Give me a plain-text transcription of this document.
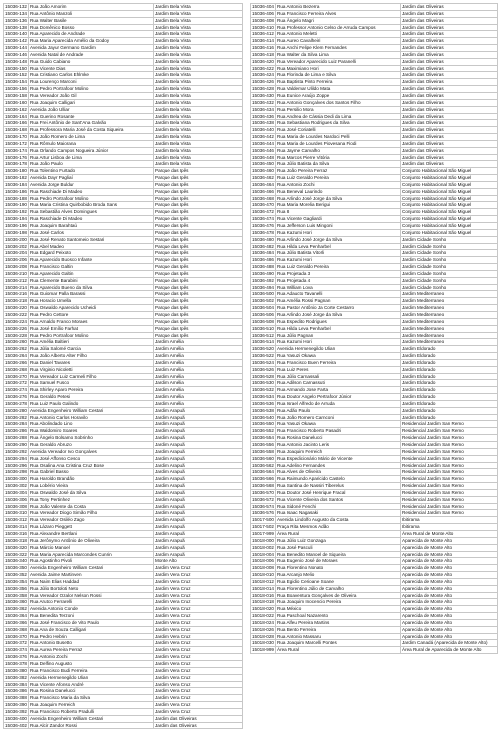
15036-132	Rua João Amorim	Jardim Bela Vista
15036-134	Rua Antônio Manzoli	Jardim Bela Vista
15036-136	Rua Walter Basile	Jardim Bela Vista
15036-138	Rua Domênico Bosso	Jardim Bela Vista
15036-140	Rua Aparecido de Andrade	Jardim Bela Vista
15036-142	Rua Maria Aparecida Amélio da Godoy	Jardim Bela Vista
15036-144	Avenida Jayur Germano Gardim	Jardim Bela Vista
15036-146	Avenida Natal de Andrade	Jardim Bela Vista
15036-148	Rua Guido Cabiano	Jardim Bela Vista
15036-150	Rua Vicente Dias	Jardim Bela Vista
15036-152	Rua Cristiano Carlos Ehlmke	Jardim Bela Vista
15036-154	Rua Lourenço Marconi	Jardim Bela Vista
15036-156	Rua Pedro Portrafoor Molino	Jardim Bela Vista
15036-158	Rua Vereador João Gil	Jardim Bela Vista
15036-160	Rua Joaquim Calligari	Jardim Bela Vista
15036-162	Avenida João Ulliar	Jardim Bela Vista
15036-164	Rua Guerino Rosante	Jardim Bela Vista
15036-166	Rua Frei Antônio de Sant'Ana Galvão	Jardim Bela Vista
15036-168	Rua Professora Maria José da Costa Siqueira	Jardim Bela Vista
15036-170	Rua João Romero de Lima	Jardim Bela Vista
15036-172	Rua Rômulo Maiorana	Jardim Bela Vista
15036-174	Rua Orlando Campos Nogueira Júnior	Jardim Bela Vista
15036-176	Rua Artur Lisboa de Lima	Jardim Bela Vista
15036-178	Rua João Paulo	Jardim Bela Vista
15036-180	Rua Tolentino Furtado	Parque das Ipês
15036-182	Avenida Dayr Pagliaí	Parque das Ipês
15036-184	Avenida Jorge Buldur	Parque das Ipês
15036-186	Rua Raschiade Di Madeo	Parque das Ipês
15036-188	Rua Pedro Portrafoor Molino	Parque das Ipês
15036-190	Rua Maria Cristina Quirbobido Broda Sans	Parque das Ipês
15036-192	Rua Sebastião Alves Domingues	Parque das Ipês
15036-194	Rua Raschiade Di Madeo	Parque das Ipês
15036-196	Rua Joaquim Barahtaú	Parque das Ipês
15036-198	Rua José Carlos	Parque das Ipês
15036-200	Rua José Renato Santomeio Sestari	Parque das Ipês
15036-202	Rua Abel Madeo	Parque das Ipês
15036-204	Rua Edgard Peixoto	Parque das Ipês
15036-206	Rua Aparecido Buosco Infante	Parque das Ipês
15036-208	Rua Francisco Galtin	Parque das Ipês
15036-210	Rua Aparecido Galtin	Parque das Ipês
15036-212	Rua Clemente Barabini	Parque das Ipês
15036-214	Rua Aparecido Bueno da Silva	Parque das Ipês
15036-216	Rua Guiomar Palla Barassi	Parque das Ipês
15036-218	Rua Horacio Umella	Parque das Ipês
15036-220	Rua Oswaldo Aparecido Ucheidi	Parque das Ipês
15036-222	Rua Pedro Cettore	Parque das Ipês
15036-224	Rua Arnaldo Franco Moraes	Parque das Ipês
15036-226	Rua José Emílio Farhat	Parque das Ipês
15036-228	Rua Pedro Portrafoor Molino	Parque das Ipês
15036-260	Rua Amélia Baltieri	Jardim Amélia
15036-262	Rua Júlia Salomé Garcia	Jardim Amélia
15036-264	Rua João Alberto Alter Filho	Jardim Amélia
15036-266	Rua Daniel Tavares	Jardim Amélia
15036-268	Rua Virginio Nicoletti	Jardim Amélia
15036-270	Rua Vereador Luiz Carmeli Filho	Jardim Amélia
15036-272	Rua Samuel Fusco	Jardim Amélia
15036-274	Rua Shirley Aparo Pereira	Jardim Amélia
15036-276	Rua Geraldo Petesi	Jardim Amélia
15036-278	Rua Luiz Paulo Galindo	Jardim Amélia
15036-280	Avenida Engenheiro William Cestari	Jardim Arapuã
15036-282	Rua Antonio Carlos Horavilo	Jardim Arapuã
15036-284	Rua Abolindado Lino	Jardim Arapuã
15036-286	Rua Waldomiro Soares	Jardim Arapuã
15036-288	Rua Ângelo Bolsamo Sobrinho	Jardim Arapuã
15036-290	Rua Geraldo Abruzo	Jardim Arapuã
15036-292	Avenida Vereador Ivo Gonçalves	Jardim Arapuã
15036-294	Rua José Affonso Cesco	Jardim Arapuã
15036-296	Rua Osalina Ana Cristina Cruz Bose	Jardim Arapuã
15036-298	Rua Gabriel Basso	Jardim Arapuã
15036-300	Rua Haroldo Brandão	Jardim Arapuã
15036-302	Rua Lobério Vieira	Jardim Arapuã
15036-304	Rua Oswaldo José da Silva	Jardim Arapuã
15036-306	Rua Tony Pertinhez	Jardim Arapuã
15036-308	Rua João Valente da Costa	Jardim Arapuã
15036-310	Rua Vereador Diogo Simão Filho	Jardim Arapuã
15036-312	Rua Vereador Osiléo Zago	Jardim Arapuã
15036-314	Rua Lázaro Pieggett	Jardim Arapuã
15036-316	Rua Alexandre Bertlani	Jardim Arapuã
15036-318	Rua Jerônymo Antônio de Oliveira	Jardim Arapuã
15036-320	Rua Márcio Manoel	Jardim Arapuã
15036-322	Rua Maria Aparecida Marcondes Cunrin	Jardim Arapuã
15036-340	Rua Agostinho Pivoli	Monte Alto
15036-350	Avenida Engenheiro William Cestari	Jardim Vera Cruz
15036-352	Avenida Jaime Martinven	Jardim Vera Cruz
15036-354	Rua Naim Elias Haddad	Jardim Vera Cruz
15036-356	Rua Júlio Bortoloti Neto	Jardim Vera Cruz
15036-358	Rua Vereador Ozalor Nelson Rossi	Jardim Vera Cruz
15036-360	Rua Arutco Ferrarelli	Jardim Vera Cruz
15036-362	Avenida Antonio Conde	Jardim Vera Cruz
15036-364	Rua Benedita Terzoni	Jardim Vera Cruz
15036-366	Rua José Francisco de Vito Paulo	Jardim Vera Cruz
15036-368	Rua Ana de Souza Calligari	Jardim Vera Cruz
15036-370	Rua Pedro Hebrin	Jardim Vera Cruz
15036-372	Rua Antonio Busetto	Jardim Vera Cruz
15036-374	Rua Aurea Pereira Ferraz	Jardim Vera Cruz
15036-376	Rua Antonio Zochi	Jardim Vera Cruz
15036-378	Rua Delfino Augusto	Jardim Vera Cruz
15036-380	Rua Francisco Budi Ferreira	Jardim Vera Cruz
15036-382	Avenida Hermenegildo Ulian	Jardim Vera Cruz
15036-384	Rua Vicente Afonso André	Jardim Vera Cruz
15036-386	Rua Rosina Danelucci	Jardim Vera Cruz
15036-388	Rua Francisco Maria da Silva	Jardim Vera Cruz
15036-390	Rua Joaquim Ferreich	Jardim Vera Cruz
15036-392	Rua Francisco Roberto Pradulli	Jardim Vera Cruz
15036-400	Avenida Engenheiro William Cestari	Jardim das Oliveiras
15036-402	Rua Alcir Zandor Rossi	Jardim das Oliveiras
15036-404	Rua Antonio Bezerra	Jardim das Oliveiras
15036-406	Rua Francisco Ferreira Alves	Jardim das Oliveiras
15036-408	Rua Ângelo Magri	Jardim das Oliveiras
15036-410	Rua Professor Antonio Celso de Arruda Campos	Jardim das Oliveiras
15036-412	Rua Antonio Meletti	Jardim das Oliveiras
15036-414	Rua Aureo Cavalheiri	Jardim das Oliveiras
15036-416	Rua Anchi Felipe Klem Fernandes	Jardim das Oliveiras
15036-418	Rua Walter da Silva Lima	Jardim das Oliveiras
15036-420	Rua Vereador Aparecido Luiz Paranelli	Jardim das Oliveiras
15036-422	Rua Maximiano Hori	Jardim das Oliveiras
15036-424	Rua Florinda de Lima e Silva	Jardim das Oliveiras
15036-426	Rua Baptista Pinto Ferreira	Jardim das Oliveiras
15036-428	Rua Valdemar Ulildo Mata	Jardim das Oliveiras
15036-430	Rua Eunice Araújo Zoppe	Jardim das Oliveiras
15036-432	Rua Antonio Gonçalves dos Santos Filho	Jardim das Oliveiras
15036-434	Rua Persilio Mora	Jardim das Oliveiras
15036-436	Rua Andrea de Cássia Dedi da Lima	Jardim das Oliveiras
15036-438	Rua Sebastiana Rodrigues da Silva	Jardim das Oliveiras
15036-440	Rua José Coriatelli	Jardim das Oliveiras
15036-442	Rua Maria de Lourdes Nardoci Pelli	Jardim das Oliveiras
15036-444	Rua Maria de Lourdes Piovesana Fiodi	Jardim das Oliveiras
15036-446	Rua Jayme Carvalho	Jardim das Oliveiras
15036-448	Rua Marcos Pierre Vitória	Jardim das Oliveiras
15036-450	Rua Júlio Batista da Silva	Jardim das Oliveiras
15036-460	Rua João Pereira Ferraz	Conjunto Habitacional São Miguel
15036-462	Rua Luiz Geraldo Pereira	Conjunto Habitacional São Miguel
15036-464	Rua Antonio Zochi	Conjunto Habitacional São Miguel
15036-466	Rua Beneval Laurindo	Conjunto Habitacional São Miguel
15036-468	Rua Arlindo José Jorge da Silva	Conjunto Habitacional São Miguel
15036-470	Rua Maria Morelia Berigui	Conjunto Habitacional São Miguel
15036-472	Rua 8	Conjunto Habitacional São Miguel
15036-474	Rua Vicente Gagliardi	Conjunto Habitacional São Miguel
15036-476	Rua Jefferson Luis Mingoni	Conjunto Habitacional São Miguel
15036-478	Rua Kazumi Hori	Conjunto Habitacional São Miguel
15036-480	Rua Arlindo José Jorge da Silva	Jardim Cidade Sonho
15036-482	Rua Hilda Leva Penharbel	Jardim Cidade Sonho
15036-484	Rua Júlio Batista Vitorli	Jardim Cidade Sonho
15036-486	Rua Kazumi Hori	Jardim Cidade Sonho
15036-488	Rua Luiz Geraldo Pereira	Jardim Cidade Sonho
15036-490	Rua Projetada 3	Jardim Cidade Sonho
15036-492	Rua Projetada 4	Jardim Cidade Sonho
15036-494	Rua William Lova	Jardim Cidade Sonho
15036-500	Rua Adaucto Tavanelli	Jardim Mediterraneo
15036-502	Rua Amélia Rossi Pagnan	Jardim Mediterraneo
15036-504	Rua Pastor Antônio Ja Corte Cestarro	Jardim Mediterraneo
15036-506	Rua Arlindo José Jorge da Silva	Jardim Mediterraneo
15036-508	Rua Espedito Rodrigues	Jardim Mediterraneo
15036-510	Rua Hilda Leva Penharbel	Jardim Mediterraneo
15036-512	Rua Júlio Pagnan	Jardim Mediterraneo
15036-514	Rua Kazumi Hori	Jardim Mediterraneo
15036-520	Avenida Hermenegildo Ulian	Jardim Eldorado
15036-522	Rua Yasuzi Okawa	Jardim Eldorado
15036-524	Rua Francisco Buen Ferreira	Jardim Eldorado
15036-526	Rua Luiz Peres	Jardim Eldorado
15036-528	Rua Júlio Carnassali	Jardim Eldorado
15036-530	Rua Adilson Carnassuti	Jardim Eldorado
15036-532	Rua Armando Jose Farta	Jardim Eldorado
15036-534	Rua Doutor Angelo Pertrafoor Júnior	Jardim Eldorado
15036-536	Rua Israel Alfredo de Arruda	Jardim Eldorado
15036-538	Rua Adão Paulo	Jardim Eldorado
15036-540	Rua João Romero Carnconi	Jardim Eldorado
15036-550	Rua Yasuzi Okawa	Residencial Jardim San Remo
15036-552	Rua Francisco Roberto Pasadri	Residencial Jardim San Remo
15036-554	Rua Rosina Danelucci	Residencial Jardim San Remo
15036-556	Rua Antonio Jacinto Leris	Residencial Jardim San Remo
15036-558	Rua Joaquim Ferreich	Residencial Jardim San Remo
15036-560	Rua Espedicionário Mário de Vicente	Residencial Jardim San Remo
15036-562	Rua Adelino Fernandes	Residencial Jardim San Remo
15036-564	Rua Alves de Oliveira	Residencial Jardim San Remo
15036-566	Rua Raimundo Aparicido Castelo	Residencial Jardim San Remo
15036-568	Rua Santina de Nassiri Tiberelus	Residencial Jardim San Remo
15036-570	Rua Doutor José Henrique Fracal	Residencial Jardim San Remo
15036-572	Rua Vicente Oliveira dos Santos	Residencial Jardim San Remo
15036-574	Rua Sidoné Fenchi	Residencial Jardim San Remo
15036-576	Rua Isaac Nagasaki	Residencial Jardim San Remo
15017-500	Avenida Lindolfo Augusto da Costa	Ibitirama
15017-502	Praça Rita Mesmos Adão	Ibitirama
15017-999	Área Rural	Área Rural de Monte Alto
15018-000	Rua Júlio Luiz Gonzaga	Aparecida de Monte Alto
15018-002	Rua José Pasculi	Aparecida de Monte Alto
15018-004	Rua Benedito Manoel de Siqueira	Aparecida de Monte Alto
15018-006	Rua Eugenio José de Moraes	Aparecida de Monte Alto
15018-008	Rua Florentino Nonato	Aparecida de Monte Alto
15018-010	Rua Arcanjo Melio	Aparecida de Monte Alto
15018-012	Rua Egidio Cerioane Soane	Aparecida de Monte Alto
15018-014	Rua Florentino Júlio de Carvalho	Aparecida de Monte Alto
15018-016	Rua Boaventura Gonçalves de Oliveira	Aparecida de Monte Alto
15018-018	Rua Joaquim Inocencio Pereira	Aparecida de Monte Alto
15018-020	Rua México	Aparecida de Monte Alto
15018-022	Rua Paschoal Nazarento	Aparecida de Monte Alto
15018-024	Rua Alfeu Pereira Martins	Aparecida de Monte Alto
15018-026	Rua Bento Ferreira	Aparecida de Monte Alto
15018-028	Rua Antonio Massaru	Aparecida de Monte Alto
15018-030	Rua Joaquim Marcelli Pontes	Jardim Canadá (Aparecida de Monte Alto)
15018-999	Área Rural	Área Rural de Aparecida de Monte Alto
